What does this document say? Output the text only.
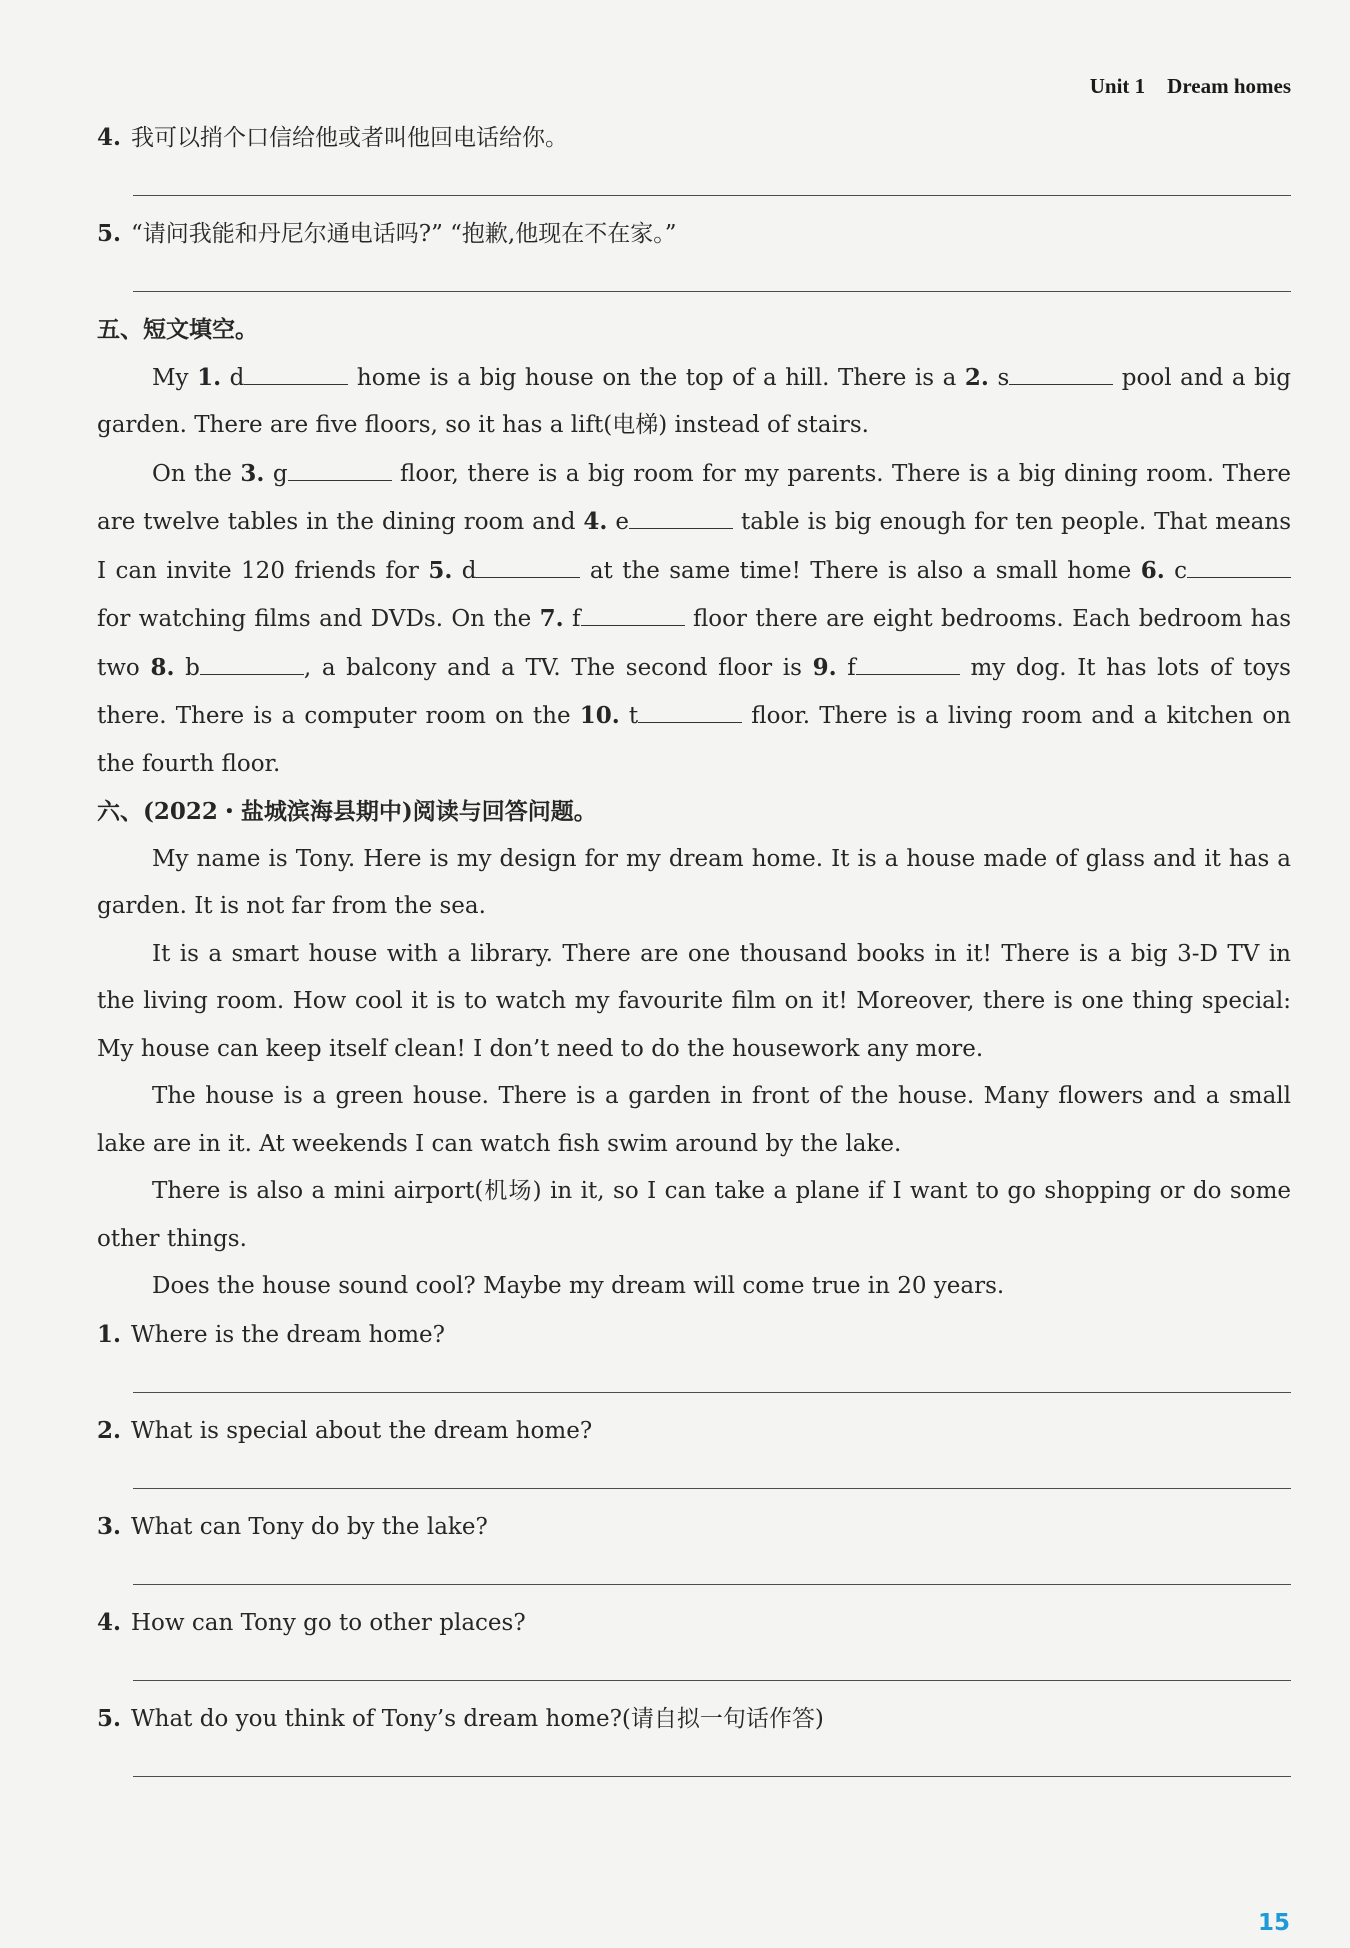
Unit 1 Dream homes
4. 我可以捎个口信给他或者叫他回电话给你。
5. “请问我能和丹尼尔通电话吗?” “抱歉,他现在不在家。”
五、短文填空。

My 1. d	home is a big house on the top of a hill. There is a 2. s	pool and a big garden. There are five floors, so it has a lift(电梯) instead of stairs.

On the 3. g	floor, there is a big room for my parents. There is a big dining room. There are twelve tables in the dining room and 4. e	table is big enough for ten people. That means I can invite 120 friends for 5. d	at the same time! There is also a small home 6. c for watching films and DVDs. On the 7. f	floor there are eight bedrooms. Each bedroom has two 8. b	, a balcony and a TV. The second floor is 9. f	my dog. It has lots of toys there. There is a computer room on the 10. t	floor. There is a living room and a kitchen on the fourth floor.

六、(2022・盐城滨海县期中)阅读与回答问题。

My name is Tony. Here is my design for my dream home. It is a house made of glass and it has a garden. It is not far from the sea.

It is a smart house with a library. There are one thousand books in it! There is a big 3-D TV in the living room. How cool it is to watch my favourite film on it! Moreover, there is one thing special: My house can keep itself clean! I don’t need to do the housework any more.

The house is a green house. There is a garden in front of the house. Many flowers and a small lake are in it. At weekends I can watch fish swim around by the lake.

There is also a mini airport(机场) in it, so I can take a plane if I want to go shopping or do some other things.

Does the house sound cool? Maybe my dream will come true in 20 years.

1. Where is the dream home?
2. What is special about the dream home?
3. What can Tony do by the lake?
4. How can Tony go to other places?
5. What do you think of Tony’s dream home?(请自拟一句话作答)
15
